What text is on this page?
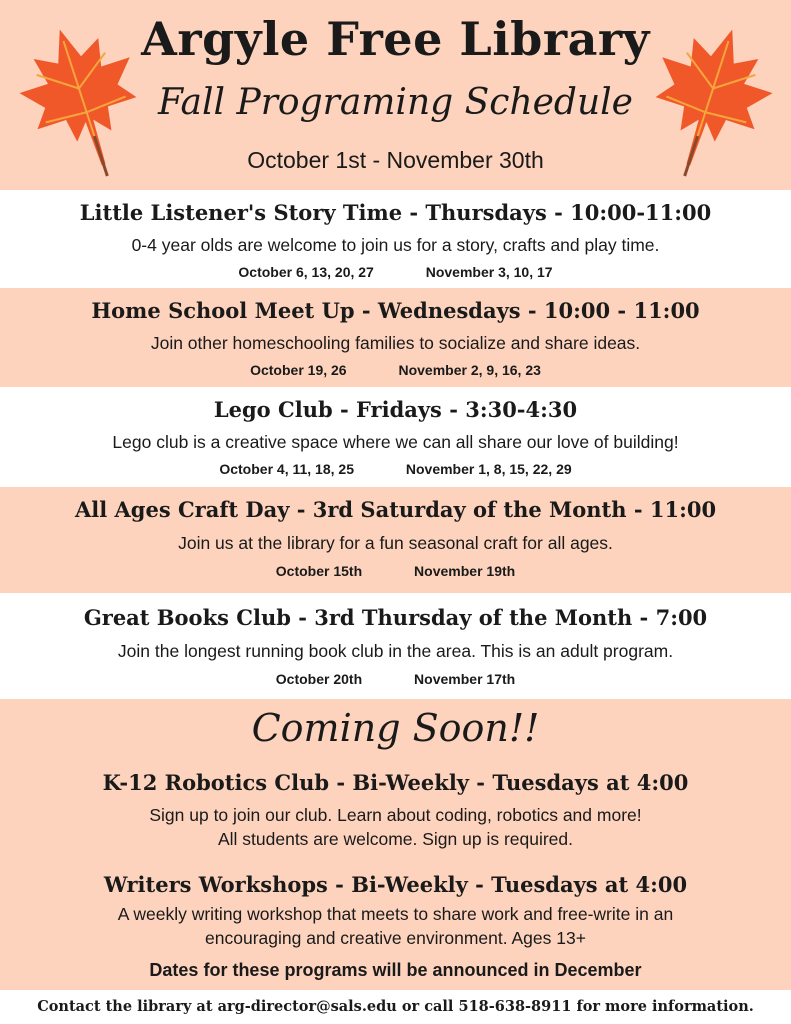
Argyle Free Library
Fall Programing Schedule
October 1st - November 30th
Little Listener's Story Time - Thursdays - 10:00-11:00
0-4 year olds are welcome to join us for a story, crafts and play time.
October 6, 13, 20, 27	November 3, 10, 17
Home School Meet Up - Wednesdays - 10:00 - 11:00
Join other homeschooling families to socialize and share ideas.
October 19, 26	November 2, 9, 16, 23
Lego Club - Fridays - 3:30-4:30
Lego club is a creative space where we can all share our love of building!
October 4, 11, 18, 25	November 1, 8, 15, 22, 29
All Ages Craft Day - 3rd Saturday of the Month - 11:00
Join us at the library for a fun seasonal craft for all ages.
October 15th	November 19th
Great Books Club - 3rd Thursday of the Month - 7:00
Join the longest running book club in the area. This is an adult program.
October 20th	November 17th
Coming Soon!!
K-12 Robotics Club - Bi-Weekly - Tuesdays at 4:00
Sign up to join our club. Learn about coding, robotics and more!
All students are welcome. Sign up is required.
Writers Workshops - Bi-Weekly - Tuesdays at 4:00
A weekly writing workshop that meets to share work and free-write in an
encouraging and creative environment. Ages 13+
Dates for these programs will be announced in December
Contact the library at arg-director@sals.edu or call 518-638-8911 for more information.
